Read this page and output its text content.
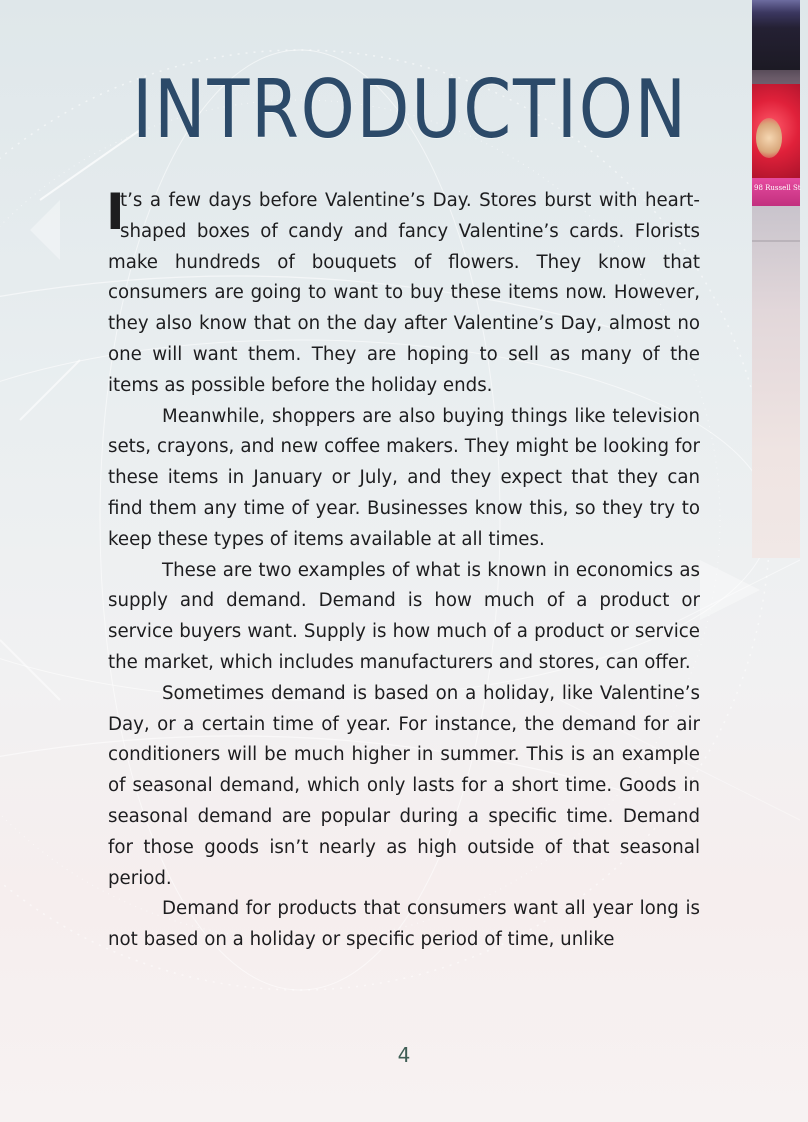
98 Russell St
INTRODUCTION

I
t’s a few days before Valentine’s Day. Stores burst with heart-shaped boxes of candy and fancy Valentine’s cards. Florists make hundreds of bouquets of flowers. They know that consumers are going to want to buy these items now. However, they also know that on the day after Valentine’s Day, almost no one will want them. They are hoping to sell as many of the items as possible before the holiday ends.

Meanwhile, shoppers are also buying things like television sets, crayons, and new coffee makers. They might be looking for these items in January or July, and they expect that they can find them any time of year. Businesses know this, so they try to keep these types of items available at all times.

These are two examples of what is known in economics as supply and demand. Demand is how much of a product or service buyers want. Supply is how much of a product or service the market, which includes manufacturers and stores, can offer.

Sometimes demand is based on a holiday, like Valentine’s Day, or a certain time of year. For instance, the demand for air conditioners will be much higher in summer. This is an example of seasonal demand, which only lasts for a short time. Goods in seasonal demand are popular during a specific time. Demand for those goods isn’t nearly as high outside of that seasonal period.

Demand for products that consumers want all year long is not based on a holiday or specific period of time, unlike

4
